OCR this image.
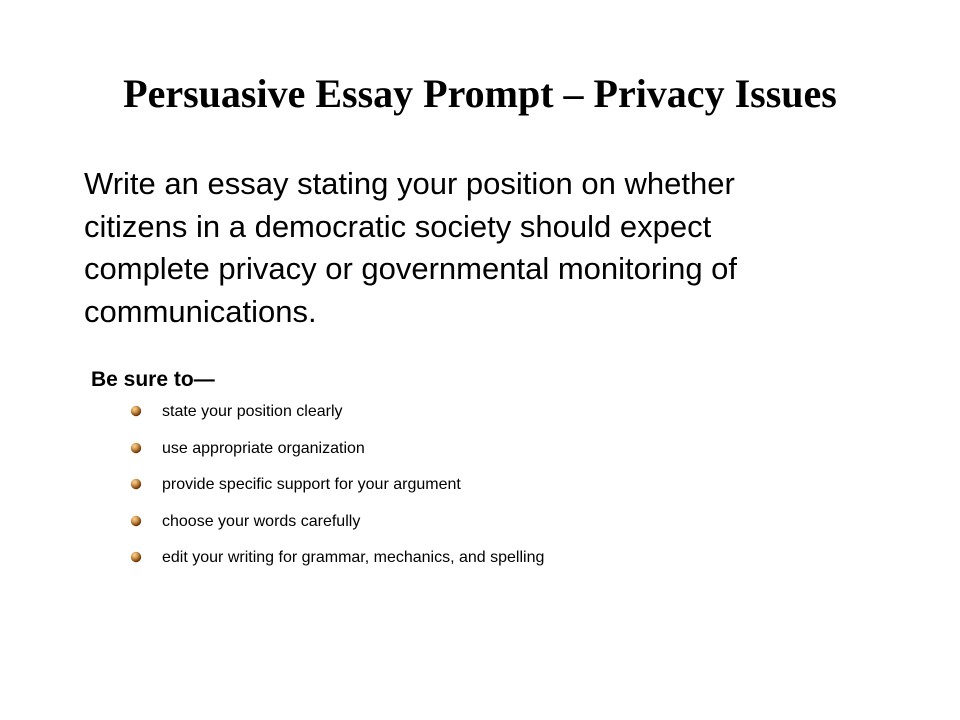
Persuasive Essay Prompt – Privacy Issues

Write an essay stating your position on whether
citizens in a democratic society should expect
complete privacy or governmental monitoring of
communications.

Be sure to—
state your position clearly
use appropriate organization
provide specific support for your argument
choose your words carefully
edit your writing for grammar, mechanics, and spelling
